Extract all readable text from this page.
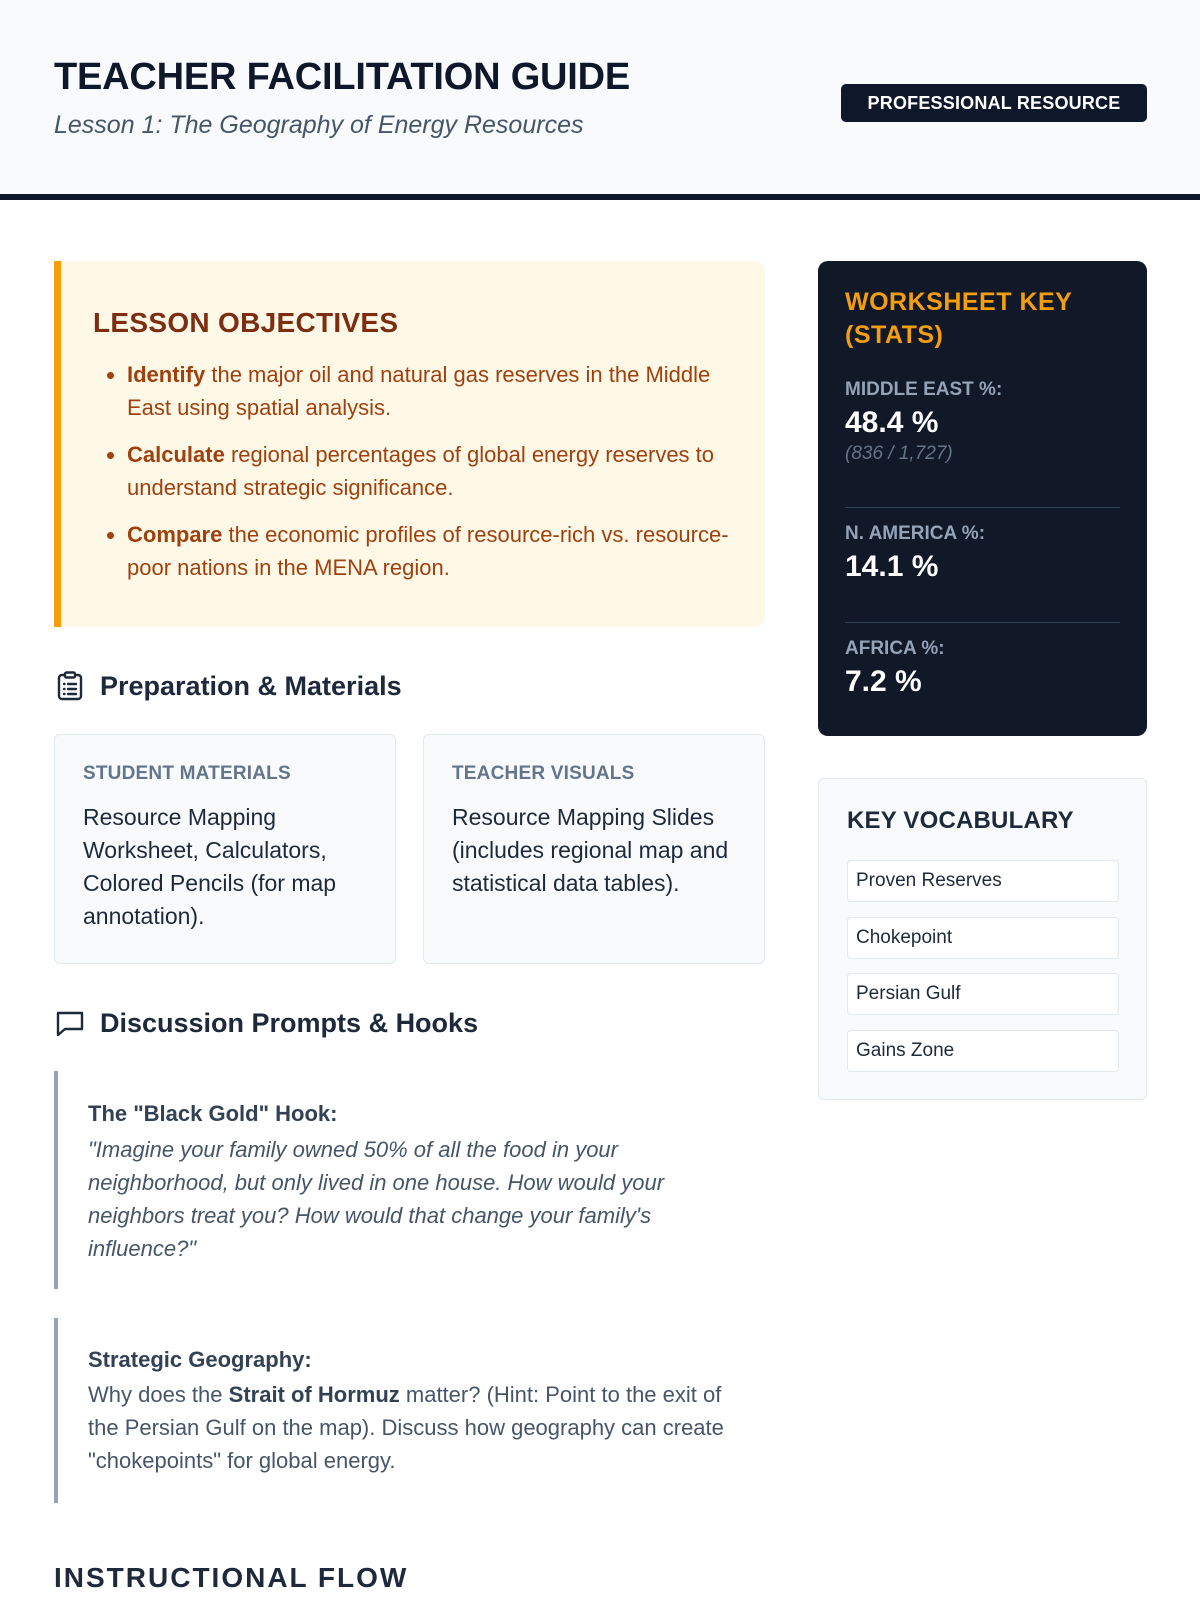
TEACHER FACILITATION GUIDE

Lesson 1: The Geography of Energy Resources

PROFESSIONAL RESOURCE
LESSON OBJECTIVES
• Identify the major oil and natural gas reserves in the Middle East using spatial analysis.
• Calculate regional percentages of global energy reserves to understand strategic significance.
• Compare the economic profiles of resource-rich vs. resource-poor nations in the MENA region.
Preparation & Materials
STUDENT MATERIALS
Resource Mapping Worksheet, Calculators, Colored Pencils (for map annotation).
TEACHER VISUALS
Resource Mapping Slides (includes regional map and statistical data tables).
Discussion Prompts & Hooks
The "Black Gold" Hook:
"Imagine your family owned 50% of all the food in your neighborhood, but only lived in one house. How would your neighbors treat you? How would that change your family's influence?"
Strategic Geography:
Why does the Strait of Hormuz matter? (Hint: Point to the exit of the Persian Gulf on the map). Discuss how geography can create "chokepoints" for global energy.
INSTRUCTIONAL FLOW
WORKSHEET KEY (STATS)
MIDDLE EAST %:
48.4 %
(836 / 1,727)
N. AMERICA %:
14.1 %
AFRICA %:
7.2 %
KEY VOCABULARY
Proven Reserves
Chokepoint
Persian Gulf
Gains Zone
